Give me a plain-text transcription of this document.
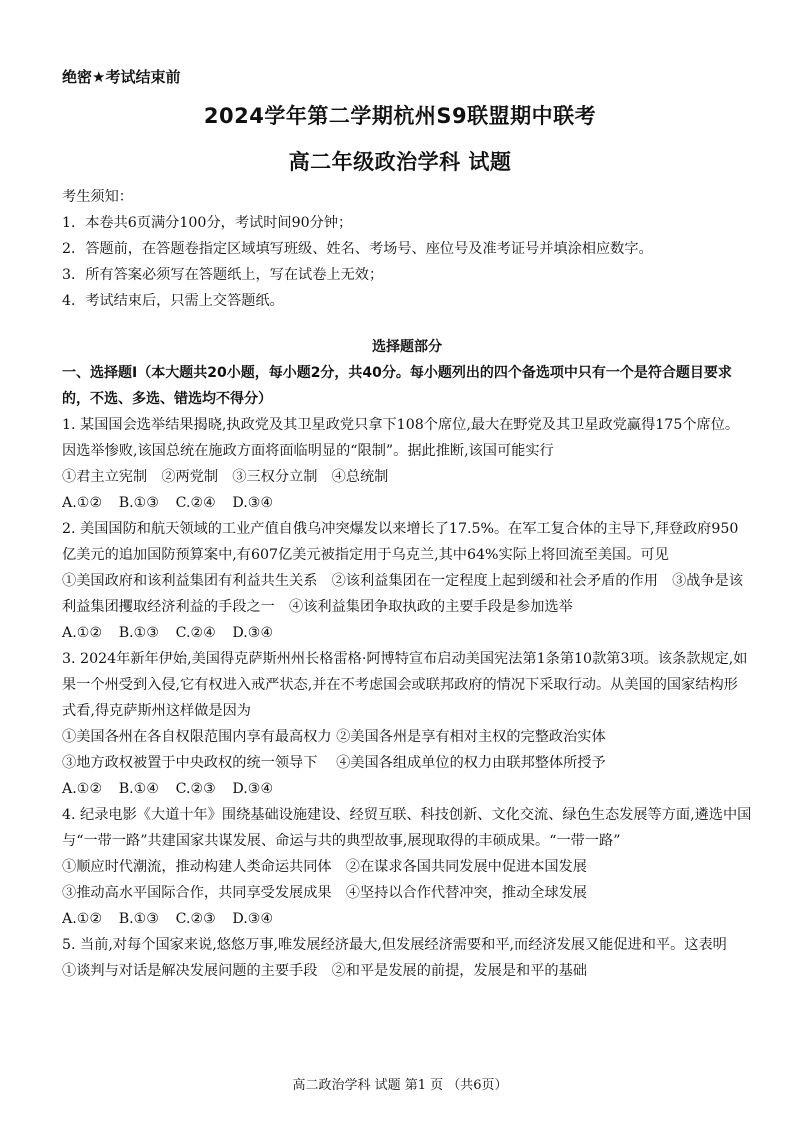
绝密★考试结束前
2024学年第二学期杭州S9联盟期中联考
高二年级政治学科 试题
考生须知：
1．本卷共6页满分100分，考试时间90分钟；
2．答题前，在答题卷指定区域填写班级、姓名、考场号、座位号及准考证号并填涂相应数字。
3．所有答案必须写在答题纸上，写在试卷上无效；
4．考试结束后，只需上交答题纸。
选择题部分
一、选择题Ⅰ（本大题共20小题，每小题2分，共40分。每小题列出的四个备选项中只有一个是符合题目要求的，不选、多选、错选均不得分）
1. 某国国会选举结果揭晓,执政党及其卫星政党只拿下108个席位,最大在野党及其卫星政党赢得175个席位。因选举惨败,该国总统在施政方面将面临明显的“限制”。据此推断,该国可能实行
①君主立宪制　②两党制　③三权分立制　④总统制
A.①② B.①③ C.②④ D.③④
2. 美国国防和航天领域的工业产值自俄乌冲突爆发以来增长了17.5%。在军工复合体的主导下,拜登政府950亿美元的追加国防预算案中,有607亿美元被指定用于乌克兰,其中64%实际上将回流至美国。可见
①美国政府和该利益集团有利益共生关系　②该利益集团在一定程度上起到缓和社会矛盾的作用　③战争是该利益集团攫取经济利益的手段之一　④该利益集团争取执政的主要手段是参加选举
A.①② B.①③ C.②④ D.③④
3. 2024年新年伊始,美国得克萨斯州州长格雷格·阿博特宣布启动美国宪法第1条第10款第3项。该条款规定,如果一个州受到入侵,它有权进入戒严状态,并在不考虑国会或联邦政府的情况下采取行动。从美国的国家结构形式看,得克萨斯州这样做是因为
①美国各州在各自权限范围内享有最高权力 ②美国各州是享有相对主权的完整政治实体
③地方政权被置于中央政权的统一领导下　 ④美国各组成单位的权力由联邦整体所授予
A.①② B.①④ C.②③ D.③④
4. 纪录电影《大道十年》围绕基础设施建设、经贸互联、科技创新、文化交流、绿色生态发展等方面,遴选中国与“一带一路”共建国家共谋发展、命运与共的典型故事,展现取得的丰硕成果。“一带一路”
①顺应时代潮流，推动构建人类命运共同体　②在谋求各国共同发展中促进本国发展
③推动高水平国际合作，共同享受发展成果　④坚持以合作代替冲突，推动全球发展
A.①② B.①③ C.②③ D.③④
5. 当前,对每个国家来说,悠悠万事,唯发展经济最大,但发展经济需要和平,而经济发展又能促进和平。这表明
①谈判与对话是解决发展问题的主要手段　②和平是发展的前提，发展是和平的基础
高二政治学科 试题 第1 页 （共6页）
